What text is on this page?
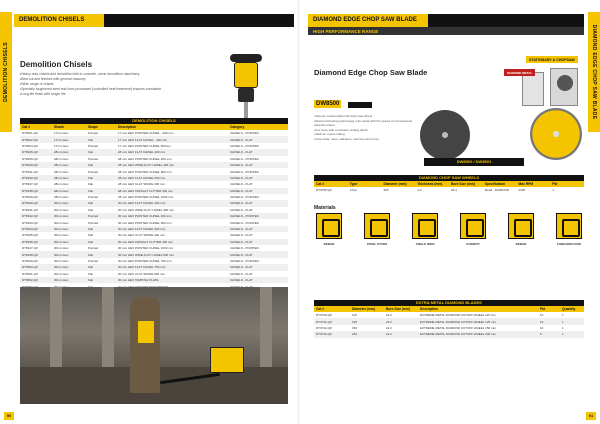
DEMOLITION CHISELS
DEMOLITION CHISELS
Demolition Chisels
• Heavy duty chisels and demolition bits in concrete, stone demolition machinery.
• Best cut and finishes with general masonry
• Wide range of chisels
• Specially toughened steel and Ionic processed (controlled heat treatment) ensures consistent
• Long-life finish with longer life
DEMOLITION CHISELS
Cat #	Shank	Shape	Description	Category
DT6921-QZ	17mm Hex	Pointed	17 mm HEX POINTED CHISEL - 400 mm	CHISELS - POINTED
DT6922-QZ	17mm Hex	Flat	17 mm HEX FLAT CHISEL - 400 mm	CHISELS - FLAT
DT6924-QZ	17mm Hex	Pointed	17 mm HEX POINTED CHISEL 600mm	CHISELS - POINTED
DT6926-QZ	28mm Hex	Flat	28 mm HEX FLAT CHISEL 400 mm	CHISELS - FLAT
DT6928-QZ	28mm Hex	Pointed	28 mm HEX POINTED CHISEL 400 mm	CHISELS - POINTED
DT6930-QZ	28mm Hex	Flat	28 mm HEX WIDE FLAT CHISEL 400 mm	CHISELS - FLAT
DT6931-QZ	28mm Hex	Pointed	28 mm HEX POINTED CHISEL 600 mm	CHISELS - POINTED
DT6932-QZ	28mm Hex	Flat	28 mm HEX FLAT CHISEL 600 mm	CHISELS - FLAT
DT6937-QZ	28mm Hex	Flat	28 mm HEX CLAY SPADE 400 mm	CHISELS - FLAT
DT6938-QZ	28mm Hex	Flat	28 mm HEX ASPHALT CUTTER 400 mm	CHISELS - FLAT
DT6939-QZ	28mm Hex	Pointed	28 mm HEX POINTED CHISEL 1000 mm	CHISELS - POINTED
DT6940-QZ	30mm Hex	Flat	30 mm HEX FLAT CHISEL 400 mm	CHISELS - FLAT
DT6941-QZ	30mm Hex	Flat	30 mm HEX WIDE FLAT CHISEL 400 mm	CHISELS - FLAT
DT6942-QZ	30mm Hex	Pointed	30 mm HEX POINTED CHISEL 400 mm	CHISELS - POINTED
DT6943-QZ	30mm Hex	Pointed	30 mm HEX POINTED CHISEL 600 mm	CHISELS - POINTED
DT6944-QZ	30mm Hex	Flat	30 mm HEX FLAT CHISEL 600 mm	CHISELS - FLAT
DT6945-QZ	30mm Hex	Flat	30 mm HEX CLAY SPADE 400 mm	CHISELS - FLAT
DT6946-QZ	30mm Hex	Flat	30 mm HEX ASPHALT CUTTER 400 mm	CHISELS - FLAT
DT6947-QZ	30mm Hex	Pointed	30 mm HEX POINTED CHISEL 1000 mm	CHISELS - POINTED
DT6948-QZ	30mm Hex	Flat	30 mm HEX WIDE FLAT CHISEL 600 mm	CHISELS - FLAT
DT6949-QZ	30mm Hex	Pointed	30 mm HEX POINTED CHISEL 750 mm	CHISELS - POINTED
DT6950-QZ	30mm Hex	Flat	30 mm HEX FLAT CHISEL 750 mm	CHISELS - FLAT
DT6951-QZ	30mm Hex	Flat	30 mm HEX CLAY SPADE 600 mm	CHISELS - FLAT
DT6952-QZ	30mm Hex	Flat	30 mm HEX TAMPING PLATE	CHISELS - FLAT

90
DIAMOND EDGE CHOP SAW BLADE
DIAMOND EDGE CHOP SAW BLADE
HIGH PERFORMANCE RANGE
STATIONARY & CHOPSAW
Diamond Edge Chop Saw Blade	DIAMOND METAL
DW8500
• Vacuum brazed diamond chop saw wheel
• Diamond brazing technology cuts metal with the speed of conventional abrasive wheel
• Cut more with consistent cutting depth
• Ideal for metal cutting
• Cuts rebar, steel, stainless, cast iron and more
DW8500 / DW8501
DIAMOND CHOP SAW WHEELS
Cat #	Type	Diameter (mm)	Thickness (mm)	Bore Size (mm)	Specification	Max RPM	Pkt
DT3755-QZ	Chop	355	3.0	25.4	Metal - DIAMOND	4300	1
Materials
REBAR	STEEL STUDS	ANGLE IRON	CONDUIT	REBAR	THREADED ROD
EXTRA METAL DIAMOND BLADES
Cat #	Diameter (mm)	Bore Size (mm)	Description	Pkt	Quantity
DT3740-QZ	115	22.2	EXTREME METAL DIAMOND CUTOFF WHEEL 115 mm	10	1
DT3741-QZ	125	22.2	EXTREME METAL DIAMOND CUTOFF WHEEL 125 mm	10	1
DT3742-QZ	150	22.2	EXTREME METAL DIAMOND CUTOFF WHEEL 150 mm	10	1
DT3743-QZ	230	22.2	EXTREME METAL DIAMOND CUTOFF WHEEL 230 mm	5	1
91
